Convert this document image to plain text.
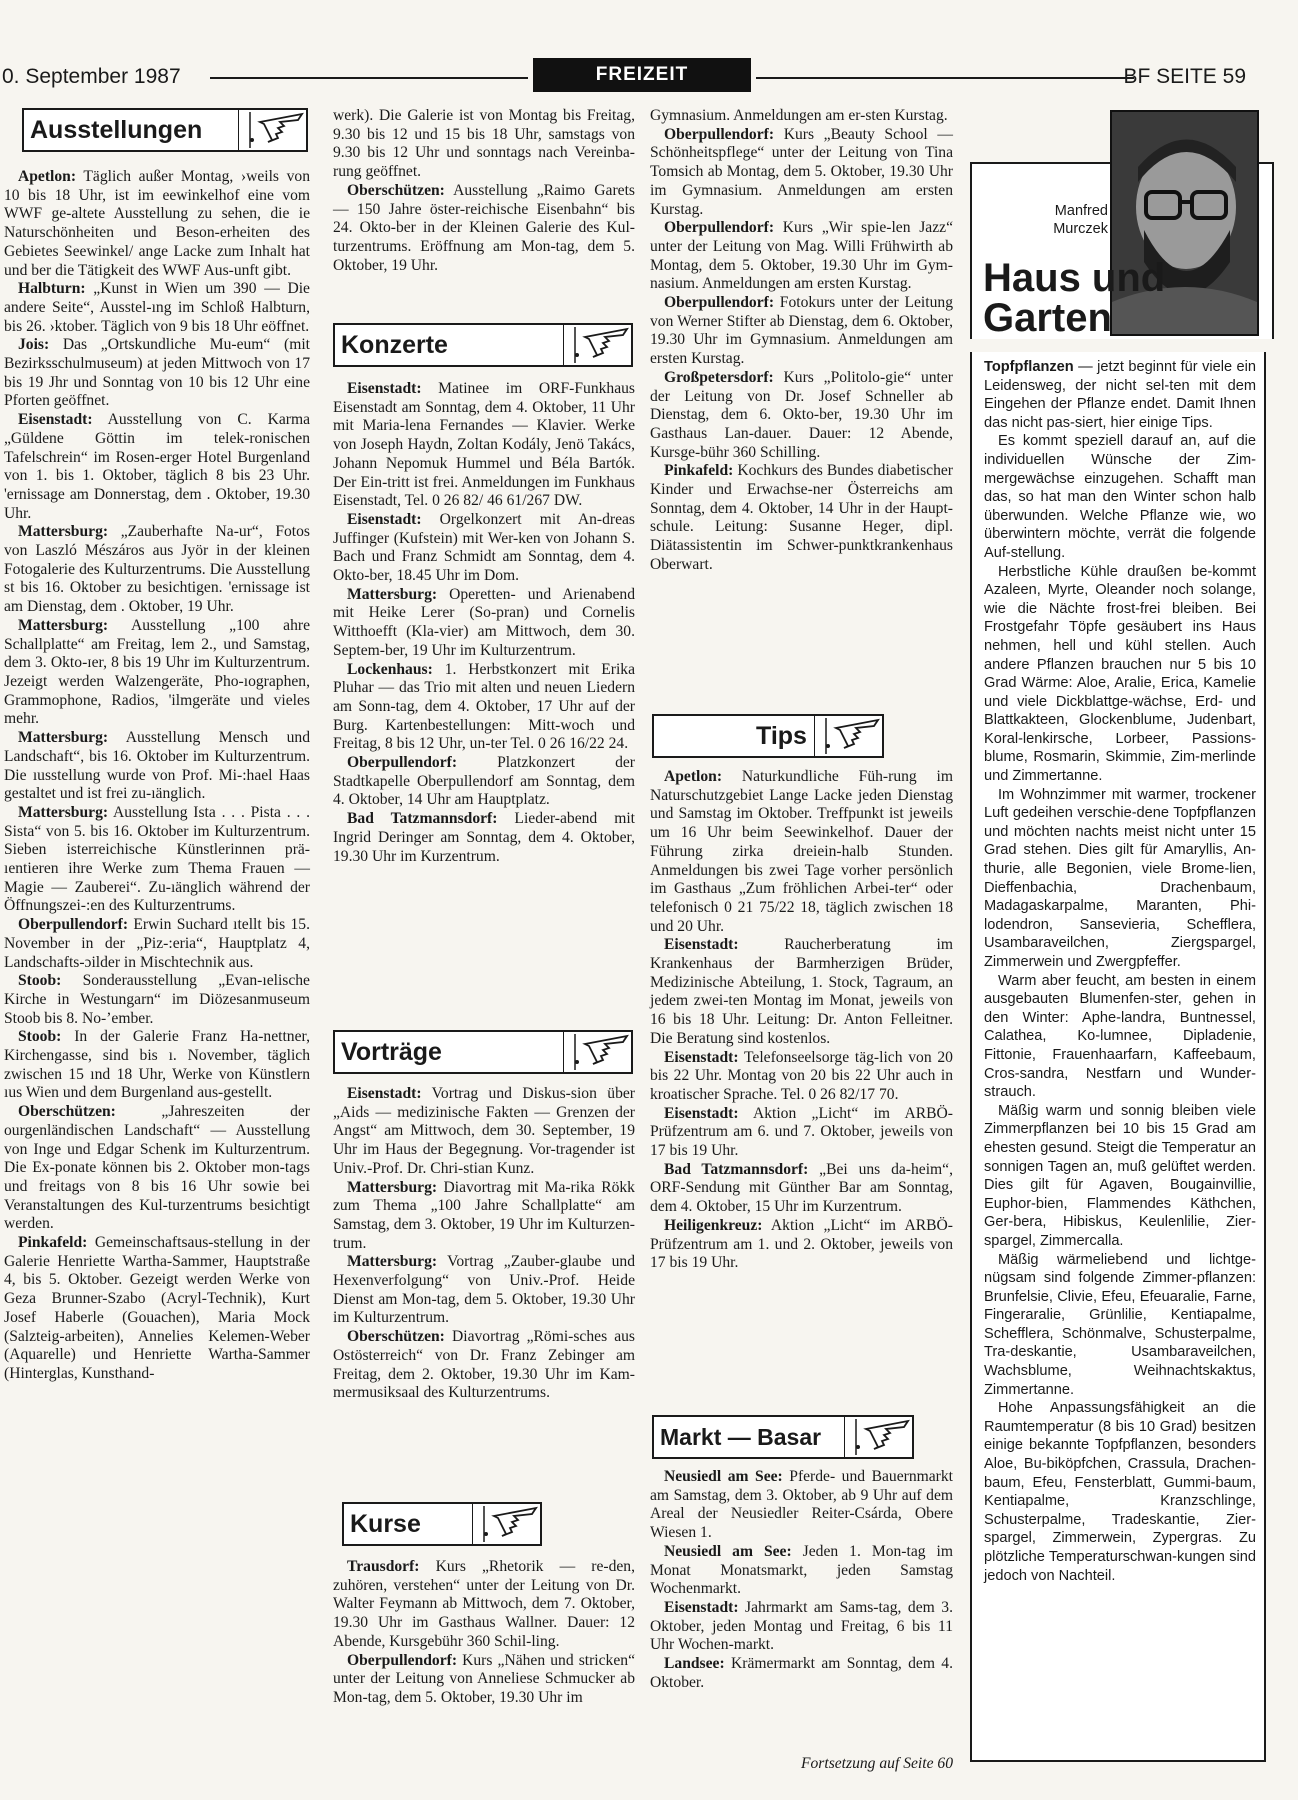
0. September 1987	FREIZEIT	BF SEITE 59
Ausstellungen
Konzerte
Vorträge
Kurse
Tips
Markt — Basar

Apetlon: Täglich außer Montag, ›weils von 10 bis 18 Uhr, ist im eewinkelhof eine vom WWF ge-altete Ausstellung zu sehen, die ie Naturschönheiten und Beson-erheiten des Gebietes Seewinkel/ ange Lacke zum Inhalt hat und ber die Tätigkeit des WWF Aus-unft gibt.

Halbturn: „Kunst in Wien um 390 — Die andere Seite“, Ausstel-ıng im Schloß Halbturn, bis 26. ›ktober. Täglich von 9 bis 18 Uhr eöffnet.

Jois: Das „Ortskundliche Mu-eum“ (mit Bezirksschulmuseum) at jeden Mittwoch von 17 bis 19 Jhr und Sonntag von 10 bis 12 Uhr eine Pforten geöffnet.

Eisenstadt: Ausstellung von C. Karma „Güldene Göttin im telek-ronischen Tafelschrein“ im Rosen-erger Hotel Burgenland von 1. bis 1. Oktober, täglich 8 bis 23 Uhr. 'ernissage am Donnerstag, dem . Oktober, 19.30 Uhr.

Mattersburg: „Zauberhafte Na-ur“, Fotos von Laszló Mészáros aus Jyör in der kleinen Fotogalerie des Kulturzentrums. Die Ausstellung st bis 16. Oktober zu besichtigen. 'ernissage ist am Dienstag, dem . Oktober, 19 Uhr.

Mattersburg: Ausstellung „100 ahre Schallplatte“ am Freitag, lem 2., und Samstag, dem 3. Okto-ɪer, 8 bis 19 Uhr im Kulturzentrum. Jezeigt werden Walzengeräte, Pho-ıographen, Grammophone, Radios, 'ilmgeräte und vieles mehr.

Mattersburg: Ausstellung Mensch und Landschaft“, bis 16. Oktober im Kulturzentrum. Die ıusstellung wurde von Prof. Mi-:hael Haas gestaltet und ist frei zu-ıänglich.

Mattersburg: Ausstellung Ista . . . Pista . . . Sista“ von 5. bis 16. Oktober im Kulturzentrum. Sieben isterreichische Künstlerinnen prä-ıentieren ihre Werke zum Thema Frauen — Magie — Zauberei“. Zu-ıänglich während der Öffnungszei-:en des Kulturzentrums.

Oberpullendorf: Erwin Suchard ıtellt bis 15. November in der „Piz-:eria“, Hauptplatz 4, Landschafts-ɔilder in Mischtechnik aus.

Stoob: Sonderausstellung „Evan-ıelische Kirche in Westungarn“ im Diözesanmuseum Stoob bis 8. No-ʼember.

Stoob: In der Galerie Franz Ha-nettner, Kirchengasse, sind bis ı. November, täglich zwischen 15 ınd 18 Uhr, Werke von Künstlern ıus Wien und dem Burgenland aus-gestellt.

Oberschützen:	„Jahreszeiten der ourgenländischen Landschaft“ — Ausstellung von Inge und Edgar Schenk im Kulturzentrum. Die Ex-ponate können bis 2. Oktober mon-tags und freitags von 8 bis 16 Uhr sowie bei Veranstaltungen des Kul-turzentrums besichtigt werden.

Pinkafeld: Gemeinschaftsaus-stellung in der Galerie Henriette Wartha-Sammer, Hauptstraße 4, bis 5. Oktober. Gezeigt werden Werke von Geza Brunner-Szabo (Acryl-Technik), Kurt Josef Haberle (Gouachen), Maria Mock (Salzteig-arbeiten), Annelies Kelemen-Weber (Aquarelle) und Henriette Wartha-Sammer (Hinterglas, Kunsthand-

werk). Die Galerie ist von Montag bis Freitag, 9.30 bis 12 und 15 bis 18 Uhr, samstags von 9.30 bis 12 Uhr und sonntags nach Vereinba-rung geöffnet.

Oberschützen: Ausstellung „Raimo Garets — 150 Jahre öster-reichische Eisenbahn“ bis 24. Okto-ber in der Kleinen Galerie des Kul-turzentrums. Eröffnung am Mon-tag, dem 5. Oktober, 19 Uhr.

Eisenstadt: Matinee im ORF-Funkhaus Eisenstadt am Sonntag, dem 4. Oktober, 11 Uhr mit Maria-lena Fernandes — Klavier. Werke von Joseph Haydn, Zoltan Kodály, Jenö Takács, Johann Nepomuk Hummel und Béla Bartók. Der Ein-tritt ist frei. Anmeldungen im Funkhaus Eisenstadt, Tel. 0 26 82/ 46 61/267 DW.

Eisenstadt: Orgelkonzert mit An-dreas Juffinger (Kufstein) mit Wer-ken von Johann S. Bach und Franz Schmidt am Sonntag, dem 4. Okto-ber, 18.45 Uhr im Dom.

Mattersburg: Operetten- und Arienabend mit Heike Lerer (So-pran) und Cornelis Witthoefft (Kla-vier) am Mittwoch, dem 30. Septem-ber, 19 Uhr im Kulturzentrum.

Lockenhaus: 1. Herbstkonzert mit Erika Pluhar — das Trio mit alten und neuen Liedern am Sonn-tag, dem 4. Oktober, 17 Uhr auf der Burg. Kartenbestellungen: Mitt-woch und Freitag, 8 bis 12 Uhr, un-ter Tel. 0 26 16/22 24.

Oberpullendorf:	Platzkonzert der Stadtkapelle Oberpullendorf am Sonntag, dem 4. Oktober, 14 Uhr am Hauptplatz.

Bad Tatzmannsdorf: Lieder-abend mit Ingrid Deringer am Sonntag, dem 4. Oktober, 19.30 Uhr im Kurzentrum.

Eisenstadt: Vortrag und Diskus-sion über „Aids — medizinische Fakten — Grenzen der Angst“ am Mittwoch, dem 30. September, 19 Uhr im Haus der Begegnung. Vor-tragender ist Univ.-Prof. Dr. Chri-stian Kunz.

Mattersburg: Diavortrag mit Ma-rika Rökk zum Thema „100 Jahre Schallplatte“ am Samstag, dem 3. Oktober, 19 Uhr im Kulturzen-trum.

Mattersburg: Vortrag „Zauber-glaube und Hexenverfolgung“ von Univ.-Prof. Heide Dienst am Mon-tag, dem 5. Oktober, 19.30 Uhr im Kulturzentrum.

Oberschützen: Diavortrag „Römi-sches aus Ostösterreich“ von Dr. Franz Zebinger am Freitag, dem 2. Oktober, 19.30 Uhr im Kam-mermusiksaal des Kulturzentrums.

Trausdorf: Kurs „Rhetorik — re-den, zuhören, verstehen“ unter der Leitung von Dr. Walter Feymann ab Mittwoch, dem 7. Oktober, 19.30 Uhr im Gasthaus Wallner. Dauer: 12 Abende, Kursgebühr 360 Schil-ling.

Oberpullendorf: Kurs „Nähen und stricken“ unter der Leitung von Anneliese Schmucker ab Mon-tag, dem 5. Oktober, 19.30 Uhr im

Gymnasium. Anmeldungen am er-sten Kurstag.

Oberpullendorf: Kurs „Beauty School — Schönheitspflege“ unter der Leitung von Tina Tomsich ab Montag, dem 5. Oktober, 19.30 Uhr im Gymnasium. Anmeldungen am ersten Kurstag.

Oberpullendorf: Kurs „Wir spie-len Jazz“ unter der Leitung von Mag. Willi Frühwirth ab Montag, dem 5. Oktober, 19.30 Uhr im Gym-nasium. Anmeldungen am ersten Kurstag.

Oberpullendorf: Fotokurs unter der Leitung von Werner Stifter ab Dienstag, dem 6. Oktober, 19.30 Uhr im Gymnasium. Anmeldungen am ersten Kurstag.

Großpetersdorf: Kurs „Politolo-gie“ unter der Leitung von Dr. Josef Schneller ab Dienstag, dem 6. Okto-ber, 19.30 Uhr im Gasthaus Lan-dauer. Dauer: 12 Abende, Kursge-bühr 360 Schilling.

Pinkafeld: Kochkurs des Bundes diabetischer Kinder und Erwachse-ner Österreichs am Sonntag, dem 4. Oktober, 14 Uhr in der Haupt-schule. Leitung: Susanne Heger, dipl. Diätassistentin im Schwer-punktkrankenhaus Oberwart.

Apetlon: Naturkundliche Füh-rung im Naturschutzgebiet Lange Lacke jeden Dienstag und Samstag im Oktober. Treffpunkt ist jeweils um 16 Uhr beim Seewinkelhof. Dauer der Führung zirka dreiein-halb Stunden. Anmeldungen bis zwei Tage vorher persönlich im Gasthaus „Zum fröhlichen Arbei-ter“ oder telefonisch 0 21 75/22 18, täglich zwischen 18 und 20 Uhr.

Eisenstadt:	Raucherberatung im Krankenhaus der Barmherzigen Brüder, Medizinische Abteilung, 1. Stock, Tagraum, an jedem zwei-ten Montag im Monat, jeweils von 16 bis 18 Uhr. Leitung: Dr. Anton Felleitner. Die Beratung sind kostenlos.

Eisenstadt: Telefonseelsorge täg-lich von 20 bis 22 Uhr. Montag von 20 bis 22 Uhr auch in kroatischer Sprache. Tel. 0 26 82/17 70.

Eisenstadt: Aktion „Licht“ im ARBÖ-Prüfzentrum am 6. und 7. Oktober, jeweils von 17 bis 19 Uhr.

Bad Tatzmannsdorf: „Bei uns da-heim“, ORF-Sendung mit Günther Bar am Sonntag, dem 4. Oktober, 15 Uhr im Kurzentrum.

Heiligenkreuz: Aktion „Licht“ im ARBÖ-Prüfzentrum am 1. und 2. Oktober, jeweils von 17 bis 19 Uhr.

Neusiedl am See: Pferde- und Bauernmarkt am Samstag, dem 3. Oktober, ab 9 Uhr auf dem Areal der Neusiedler Reiter-Csárda, Obere Wiesen 1.

Neusiedl am See: Jeden 1. Mon-tag im Monat Monatsmarkt, jeden Samstag Wochenmarkt.

Eisenstadt: Jahrmarkt am Sams-tag, dem 3. Oktober, jeden Montag und Freitag, 6 bis 11 Uhr Wochen-markt.

Landsee: Krämermarkt am Sonntag, dem 4. Oktober.

Fortsetzung auf Seite 60
Manfred Murczek
Haus und Garten

Topfpflanzen — jetzt beginnt für viele ein Leidensweg, der nicht sel-ten mit dem Eingehen der Pflanze endet. Damit Ihnen das nicht pas-siert, hier einige Tips.

Es kommt speziell darauf an, auf die individuellen Wünsche der Zim-mergewächse einzugehen. Schafft man das, so hat man den Winter schon halb überwunden. Welche Pflanze wie, wo überwintern möchte, verrät die folgende Auf-stellung.

Herbstliche Kühle draußen be-kommt Azaleen, Myrte, Oleander noch solange, wie die Nächte frost-frei bleiben. Bei Frostgefahr Töpfe gesäubert ins Haus nehmen, hell und kühl stellen. Auch andere Pflanzen brauchen nur 5 bis 10 Grad Wärme: Aloe, Aralie, Erica, Kamelie und viele Dickblattge-wächse, Erd- und Blattkakteen, Glockenblume, Judenbart, Koral-lenkirsche, Lorbeer, Passions-blume, Rosmarin, Skimmie, Zim-merlinde und Zimmertanne.

Im Wohnzimmer mit warmer, trockener Luft gedeihen verschie-dene Topfpflanzen und möchten nachts meist nicht unter 15 Grad stehen. Dies gilt für Amaryllis, An-thurie, alle Begonien, viele Brome-lien, Dieffenbachia, Drachenbaum, Madagaskarpalme, Maranten, Phi-lodendron, Sansevieria, Schefflera, Usambaraveilchen, Ziergspargel, Zimmerwein und Zwergpfeffer.

Warm aber feucht, am besten in einem ausgebauten Blumenfen-ster, gehen in den Winter: Aphe-landra, Buntnessel, Calathea, Ko-lumnee, Dipladenie, Fittonie, Frauenhaarfarn, Kaffeebaum, Cros-sandra, Nestfarn und Wunder-strauch.

Mäßig warm und sonnig bleiben viele Zimmerpflanzen bei 10 bis 15 Grad am ehesten gesund. Steigt die Temperatur an sonnigen Tagen an, muß gelüftet werden. Dies gilt für Agaven, Bougainvillie, Euphor-bien, Flammendes Käthchen, Ger-bera, Hibiskus, Keulenlilie, Zier-spargel, Zimmercalla.

Mäßig wärmeliebend und lichtge-nügsam sind folgende Zimmer-pflanzen: Brunfelsie, Clivie, Efeu, Efeuaralie, Farne, Fingeraralie, Grünlilie, Kentiapalme, Schefflera, Schönmalve, Schusterpalme, Tra-deskantie, Usambaraveilchen, Wachsblume, Weihnachtskaktus, Zimmertanne.

Hohe Anpassungsfähigkeit an die Raumtemperatur (8 bis 10 Grad) besitzen einige bekannte Topfpflanzen, besonders Aloe, Bu-biköpfchen, Crassula, Drachen-baum, Efeu, Fensterblatt, Gummi-baum, Kentiapalme, Kranzschlinge, Schusterpalme, Tradeskantie, Zier-spargel, Zimmerwein, Zypergras. Zu plötzliche Temperaturschwan-kungen sind jedoch von Nachteil.
